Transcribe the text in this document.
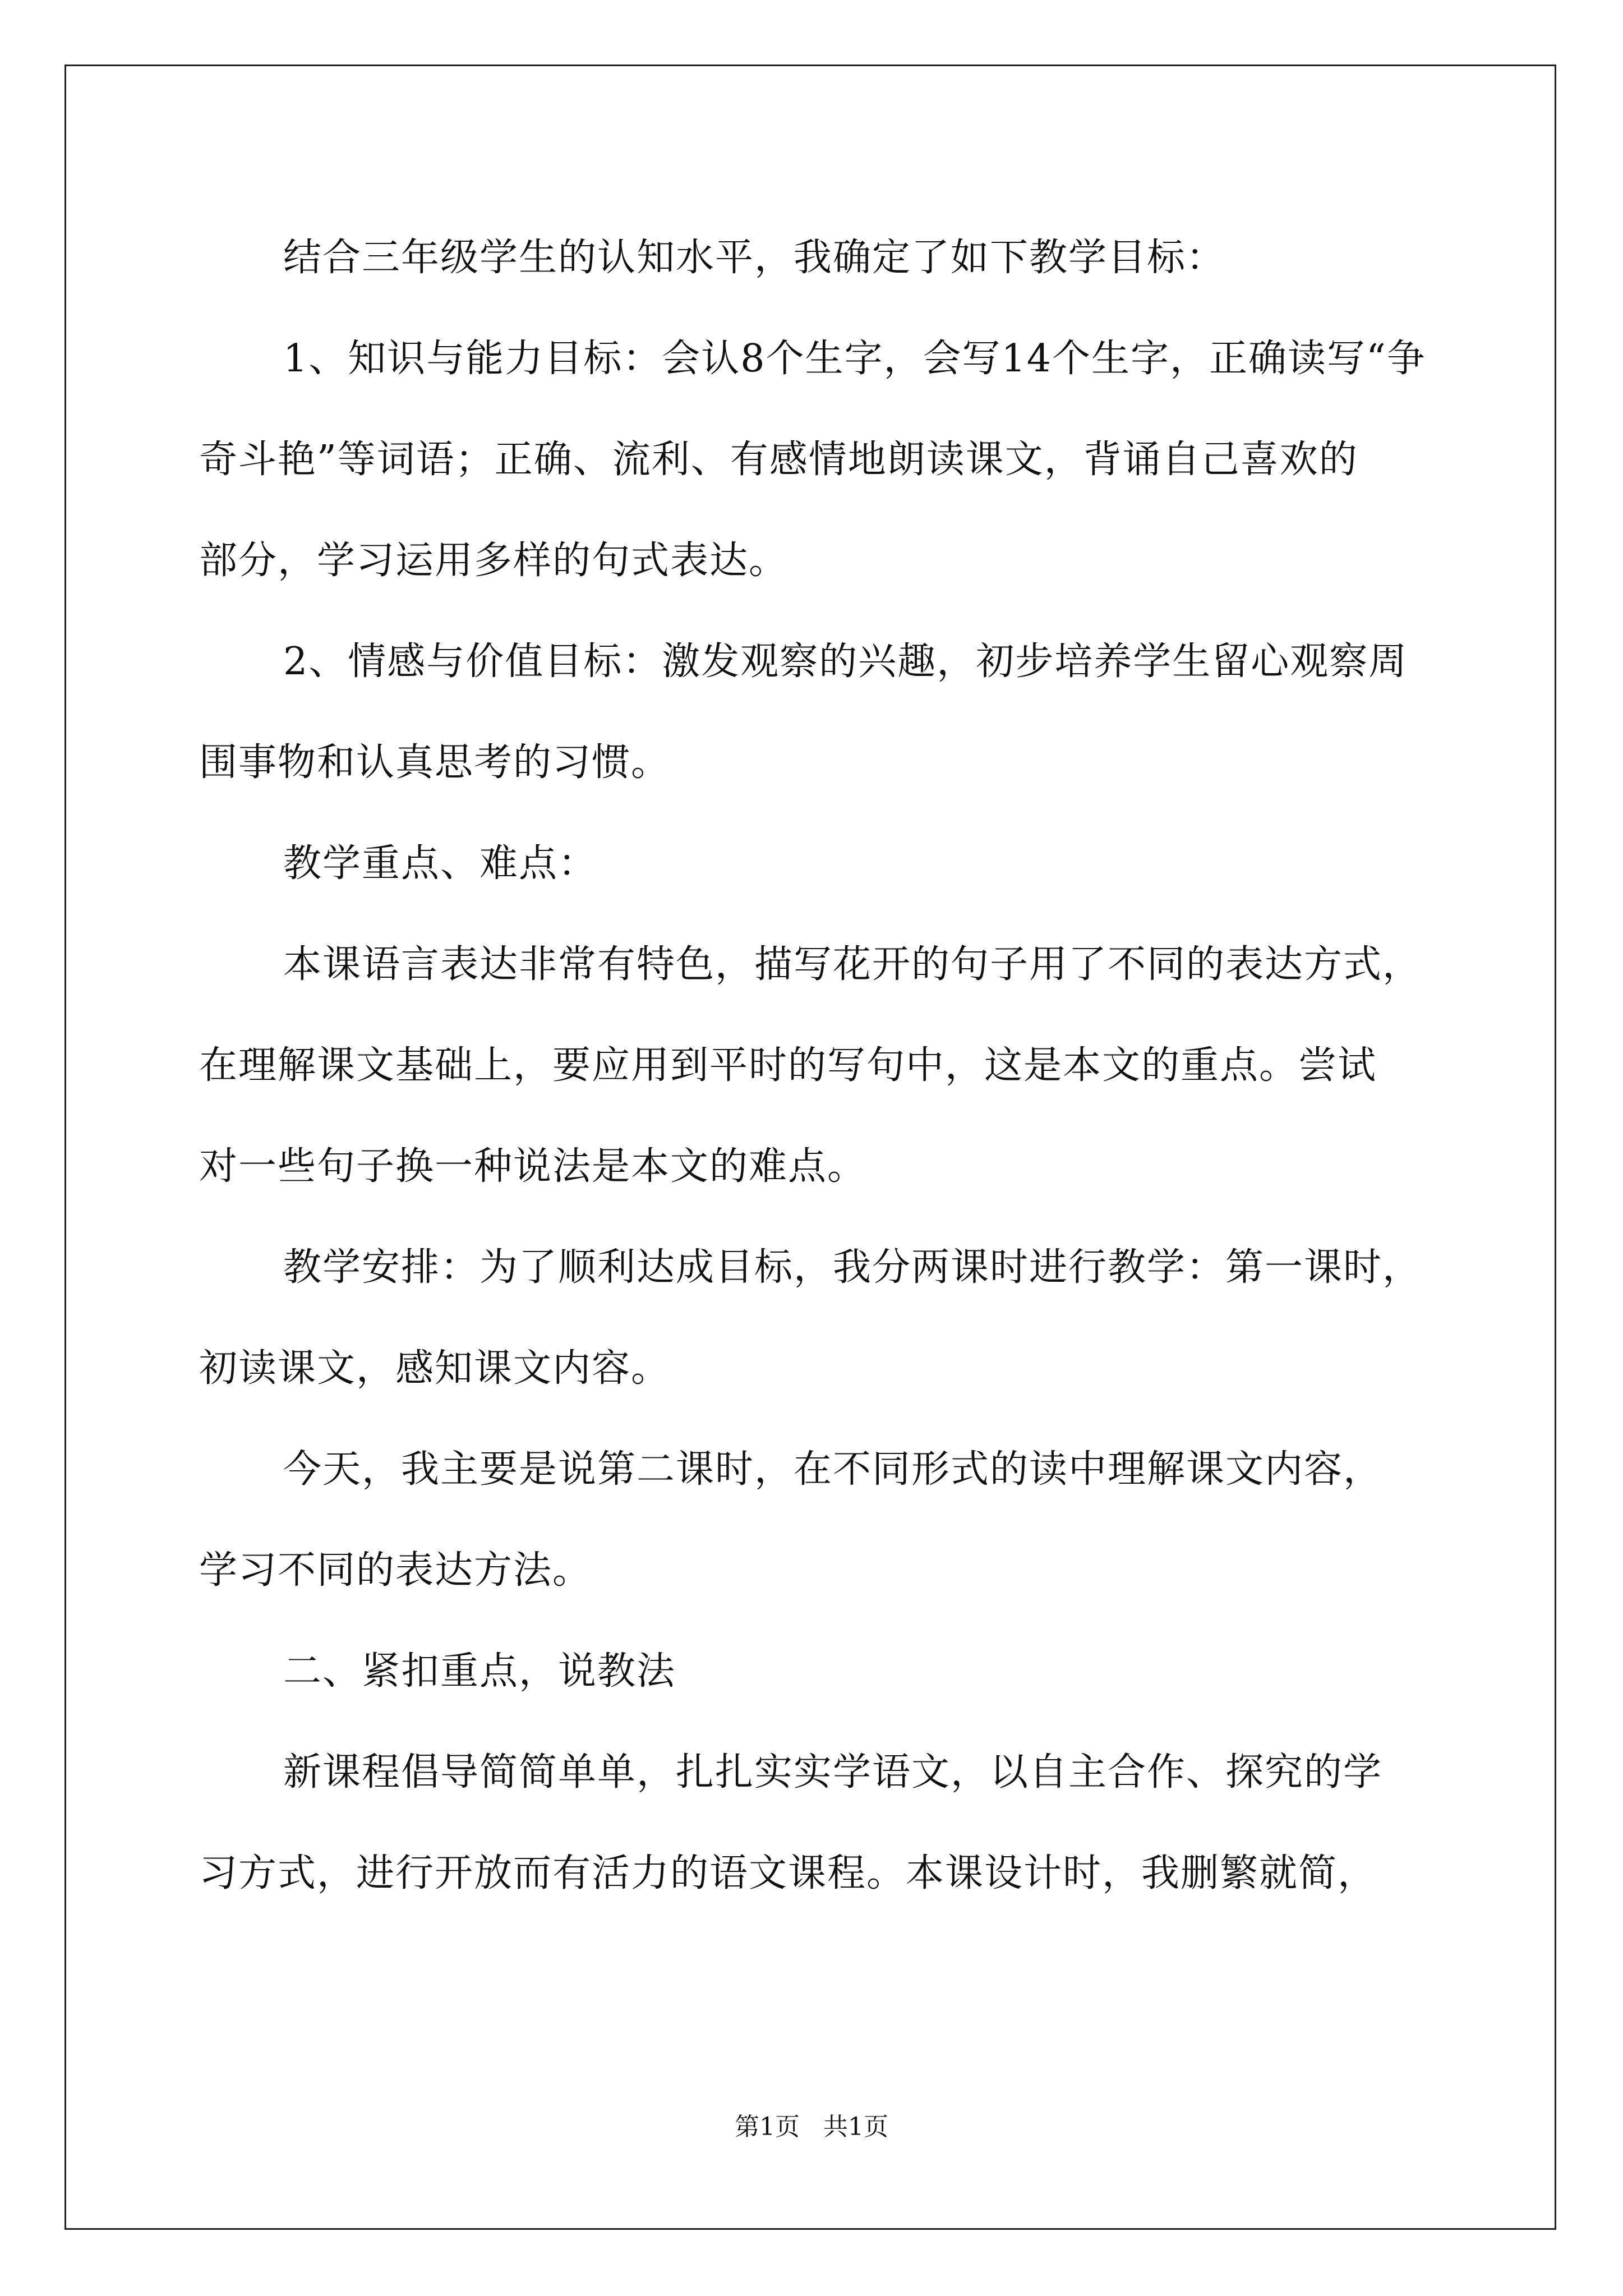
结合三年级学生的认知水平，我确定了如下教学目标：
1、知识与能力目标：会认8个生字，会写14个生字，正确读写“争
奇斗艳”等词语；正确、流利、有感情地朗读课文，背诵自己喜欢的
部分，学习运用多样的句式表达。
2、情感与价值目标：激发观察的兴趣，初步培养学生留心观察周
围事物和认真思考的习惯。
教学重点、难点：
本课语言表达非常有特色，描写花开的句子用了不同的表达方式，
在理解课文基础上，要应用到平时的写句中，这是本文的重点。尝试
对一些句子换一种说法是本文的难点。
教学安排：为了顺利达成目标，我分两课时进行教学：第一课时，
初读课文，感知课文内容。
今天，我主要是说第二课时，在不同形式的读中理解课文内容，
学习不同的表达方法。
二、紧扣重点，说教法
新课程倡导简简单单，扎扎实实学语文，以自主合作、探究的学
习方式，进行开放而有活力的语文课程。本课设计时，我删繁就简，
第1页   共1页
